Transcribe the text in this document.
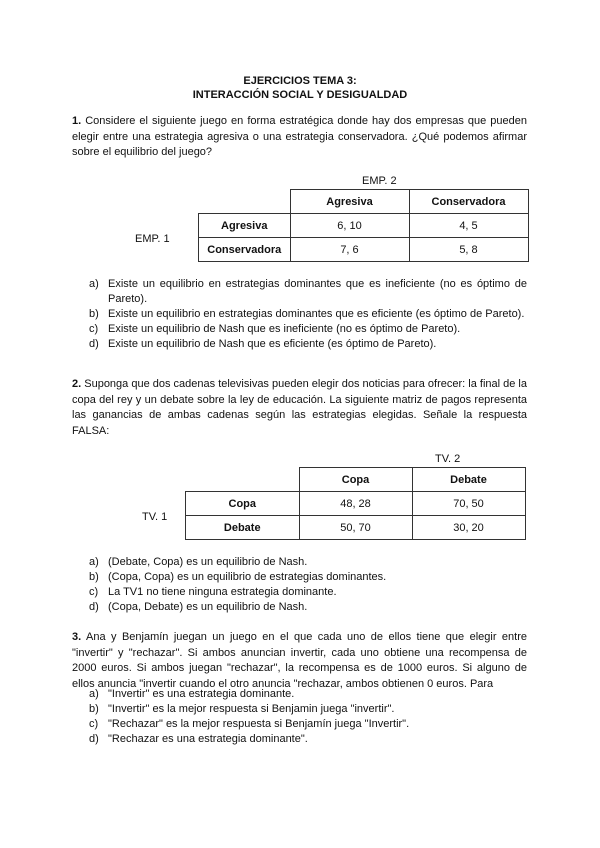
EJERCICIOS TEMA 3:
INTERACCIÓN SOCIAL Y DESIGUALDAD
1. Considere el siguiente juego en forma estratégica donde hay dos empresas que pueden elegir entre una estrategia agresiva o una estrategia conservadora. ¿Qué podemos afirmar sobre el equilibrio del juego?
EMP. 2
EMP. 1
	Agresiva	Conservadora
Agresiva	6, 10	4, 5
Conservadora	7, 6	5, 8
a) Existe un equilibrio en estrategias dominantes que es ineficiente (no es óptimo de Pareto).
b) Existe un equilibrio en estrategias dominantes que es eficiente (es óptimo de Pareto).
c) Existe un equilibrio de Nash que es ineficiente (no es óptimo de Pareto).
d) Existe un equilibrio de Nash que es eficiente (es óptimo de Pareto).
2. Suponga que dos cadenas televisivas pueden elegir dos noticias para ofrecer: la final de la copa del rey y un debate sobre la ley de educación. La siguiente matriz de pagos representa las ganancias de ambas cadenas según las estrategias elegidas. Señale la respuesta FALSA:
TV. 2
TV. 1
	Copa	Debate
Copa	48, 28	70, 50
Debate	50, 70	30, 20
a) (Debate, Copa) es un equilibrio de Nash.
b) (Copa, Copa) es un equilibrio de estrategias dominantes.
c) La TV1 no tiene ninguna estrategia dominante.
d) (Copa, Debate) es un equilibrio de Nash.
3. Ana y Benjamín juegan un juego en el que cada uno de ellos tiene que elegir entre "invertir" y "rechazar". Si ambos anuncian invertir, cada uno obtiene una recompensa de 2000 euros. Si ambos juegan "rechazar", la recompensa es de 1000 euros. Si alguno de ellos anuncia "invertir cuando el otro anuncia "rechazar, ambos obtienen 0 euros. Para
a) "Invertir" es una estrategia dominante.
b) "Invertir" es la mejor respuesta si Benjamin juega "invertir".
c) "Rechazar" es la mejor respuesta si Benjamín juega "Invertir".
d) "Rechazar es una estrategia dominante".
